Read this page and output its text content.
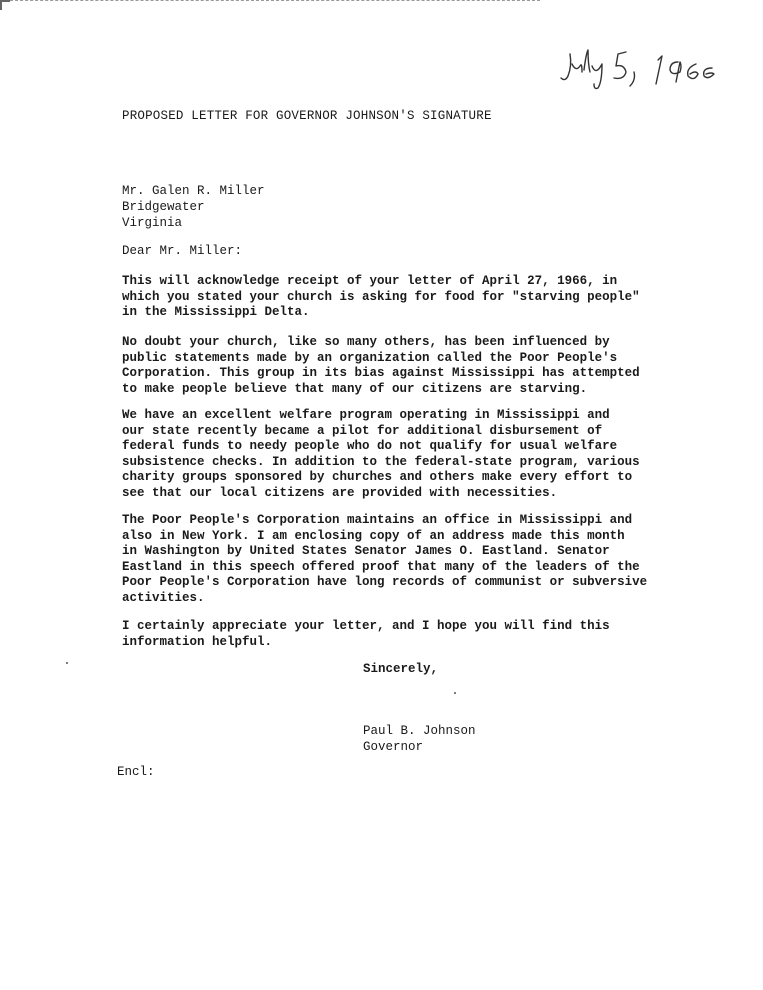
PROPOSED LETTER FOR GOVERNOR JOHNSON'S SIGNATURE
Mr. Galen R. Miller
Bridgewater
Virginia
Dear Mr. Miller:
This will acknowledge receipt of your letter of April 27, 1966, in
which you stated your church is asking for food for "starving people"
in the Mississippi Delta.
No doubt your church, like so many others, has been influenced by
public statements made by an organization called the Poor People's
Corporation. This group in its bias against Mississippi has attempted
to make people believe that many of our citizens are starving.
We have an excellent welfare program operating in Mississippi and
our state recently became a pilot for additional disbursement of
federal funds to needy people who do not qualify for usual welfare
subsistence checks. In addition to the federal-state program, various
charity groups sponsored by churches and others make every effort to
see that our local citizens are provided with necessities.
The Poor People's Corporation maintains an office in Mississippi and
also in New York. I am enclosing copy of an address made this month
in Washington by United States Senator James O. Eastland. Senator
Eastland in this speech offered proof that many of the leaders of the
Poor People's Corporation have long records of communist or subversive
activities.
I certainly appreciate your letter, and I hope you will find this
information helpful.
Sincerely,
Paul B. Johnson
Governor
Encl:
